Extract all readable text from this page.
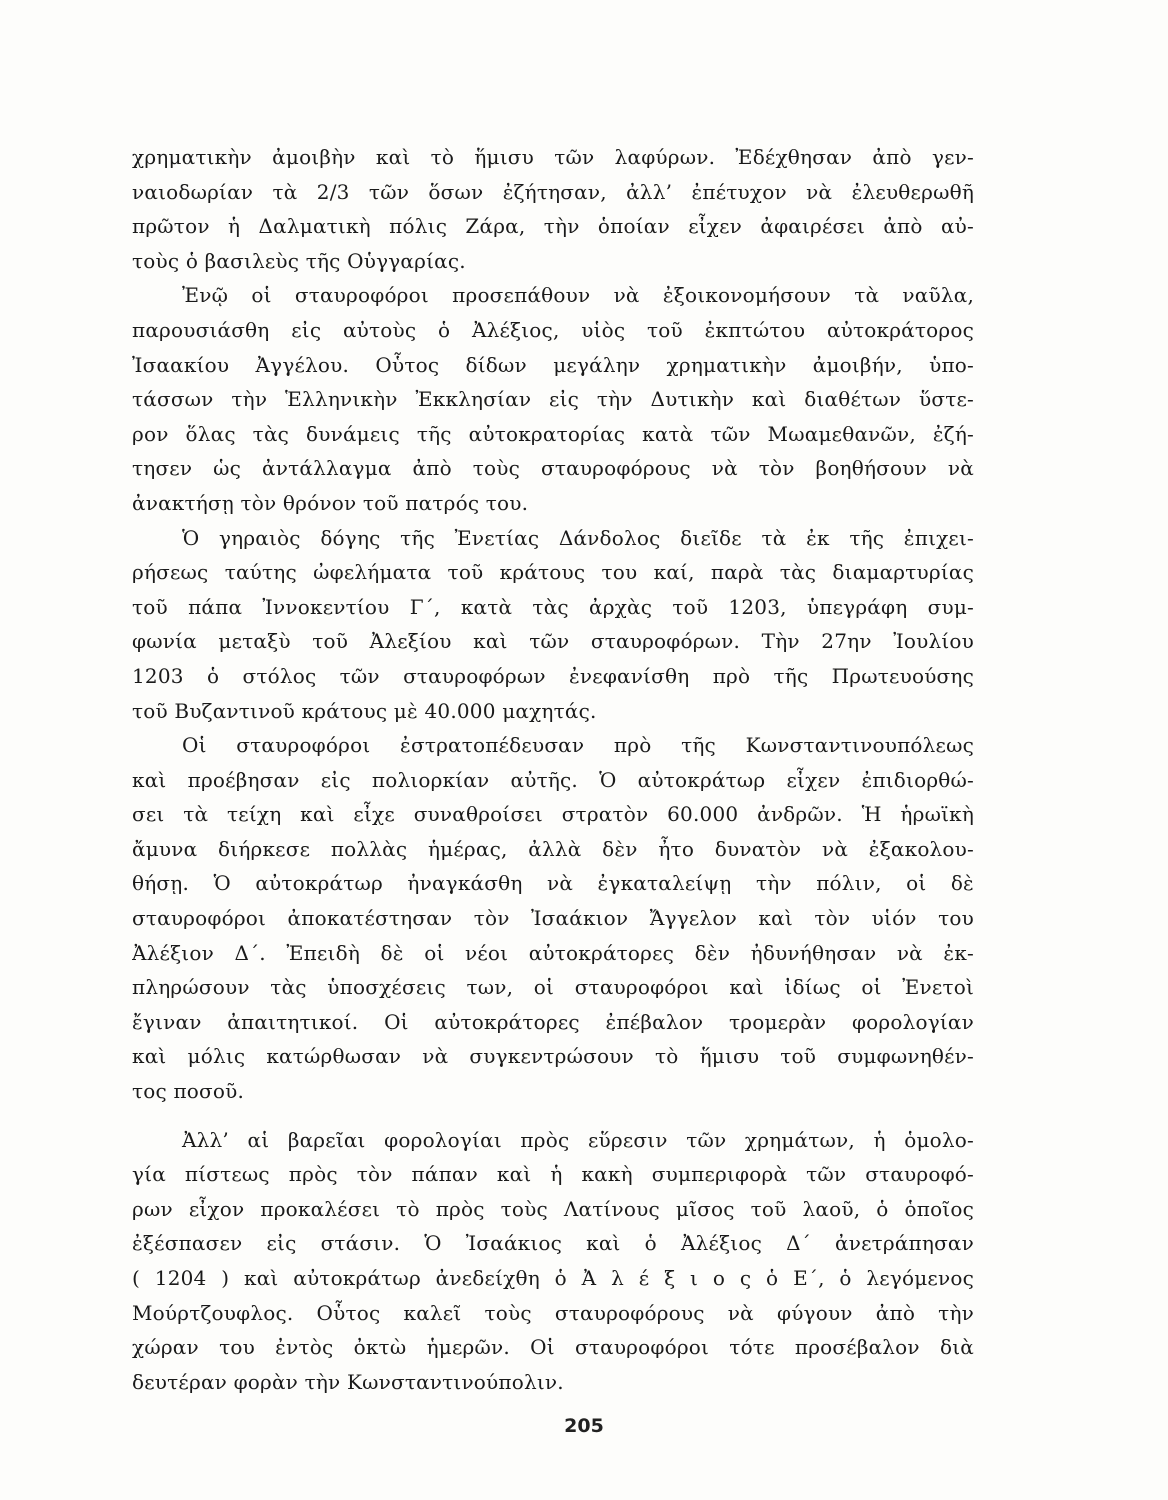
χρηματικὴν ἀμοιβὴν καὶ τὸ ἥμισυ τῶν λαφύρων. Ἐδέχθησαν ἀπὸ γεν-
ναιοδωρίαν τὰ 2/3 τῶν ὅσων ἐζήτησαν, ἀλλ’ ἐπέτυχον νὰ ἐλευθερωθῆ
πρῶτον ἡ Δαλματικὴ πόλις Ζάρα, τὴν ὁποίαν εἶχεν ἀφαιρέσει ἀπὸ αὐ-
τοὺς ὁ βασιλεὺς τῆς Οὑγγαρίας.
Ἐνῷ οἱ σταυροφόροι προσεπάθουν νὰ ἐξοικονομήσουν τὰ ναῦλα,
παρουσιάσθη εἰς αὐτοὺς ὁ Ἀλέξιος, υἱὸς τοῦ ἐκπτώτου αὐτοκράτορος
Ἰσαακίου Ἀγγέλου. Οὗτος δίδων μεγάλην χρηματικὴν ἀμοιβήν, ὑπο-
τάσσων τὴν Ἑλληνικὴν Ἐκκλησίαν εἰς τὴν Δυτικὴν καὶ διαθέτων ὕστε-
ρον ὅλας τὰς δυνάμεις τῆς αὐτοκρατορίας κατὰ τῶν Μωαμεθανῶν, ἐζή-
τησεν ὡς ἀντάλλαγμα ἀπὸ τοὺς σταυροφόρους νὰ τὸν βοηθήσουν νὰ
ἀνακτήσῃ τὸν θρόνον τοῦ πατρός του.
Ὁ γηραιὸς δόγης τῆς Ἐνετίας Δάνδολος διεῖδε τὰ ἐκ τῆς ἐπιχει-
ρήσεως ταύτης ὠφελήματα τοῦ κράτους του καί, παρὰ τὰς διαμαρτυρίας
τοῦ πάπα Ἰννοκεντίου Γ΄, κατὰ τὰς ἀρχὰς τοῦ 1203, ὑπεγράφη συμ-
φωνία μεταξὺ τοῦ Ἀλεξίου καὶ τῶν σταυροφόρων. Τὴν 27ην Ἰουλίου
1203 ὁ στόλος τῶν σταυροφόρων ἐνεφανίσθη πρὸ τῆς Πρωτευούσης
τοῦ Βυζαντινοῦ κράτους μὲ 40.000 μαχητάς.
Οἱ σταυροφόροι ἐστρατοπέδευσαν πρὸ τῆς Κωνσταντινουπόλεως
καὶ προέβησαν εἰς πολιορκίαν αὐτῆς. Ὁ αὐτοκράτωρ εἶχεν ἐπιδιορθώ-
σει τὰ τείχη καὶ εἶχε συναθροίσει στρατὸν 60.000 ἀνδρῶν. Ἡ ἡρωϊκὴ
ἄμυνα διήρκεσε πολλὰς ἡμέρας, ἀλλὰ δὲν ἦτο δυνατὸν νὰ ἐξακολου-
θήσῃ. Ὁ αὐτοκράτωρ ἠναγκάσθη νὰ ἐγκαταλείψῃ τὴν πόλιν, οἱ δὲ
σταυροφόροι ἀποκατέστησαν τὸν Ἰσαάκιον Ἄγγελον καὶ τὸν υἱόν του
Ἀλέξιον Δ΄. Ἐπειδὴ δὲ οἱ νέοι αὐτοκράτορες δὲν ἠδυνήθησαν νὰ ἐκ-
πληρώσουν τὰς ὑποσχέσεις των, οἱ σταυροφόροι καὶ ἰδίως οἱ Ἐνετοὶ
ἔγιναν ἀπαιτητικοί. Οἱ αὐτοκράτορες ἐπέβαλον τρομερὰν φορολογίαν
καὶ μόλις κατώρθωσαν νὰ συγκεντρώσουν τὸ ἥμισυ τοῦ συμφωνηθέν-
τος ποσοῦ.
Ἀλλ’ αἱ βαρεῖαι φορολογίαι πρὸς εὕρεσιν τῶν χρημάτων, ἡ ὁμολο-
γία πίστεως πρὸς τὸν πάπαν καὶ ἡ κακὴ συμπεριφορὰ τῶν σταυροφό-
ρων εἶχον προκαλέσει τὸ πρὸς τοὺς Λατίνους μῖσος τοῦ λαοῦ, ὁ ὁποῖος
ἐξέσπασεν εἰς στάσιν. Ὁ Ἰσαάκιος καὶ ὁ Ἀλέξιος Δ΄ ἀνετράπησαν
( 1204 ) καὶ αὐτοκράτωρ ἀνεδείχθη ὁ Ἀ λ έ ξ ι ο ς ὁ Ε΄, ὁ λεγόμενος
Μούρτζουφλος. Οὗτος καλεῖ τοὺς σταυροφόρους νὰ φύγουν ἀπὸ τὴν
χώραν του ἐντὸς ὀκτὼ ἡμερῶν. Οἱ σταυροφόροι τότε προσέβαλον διὰ
δευτέραν φορὰν τὴν Κωνσταντινούπολιν.
205
